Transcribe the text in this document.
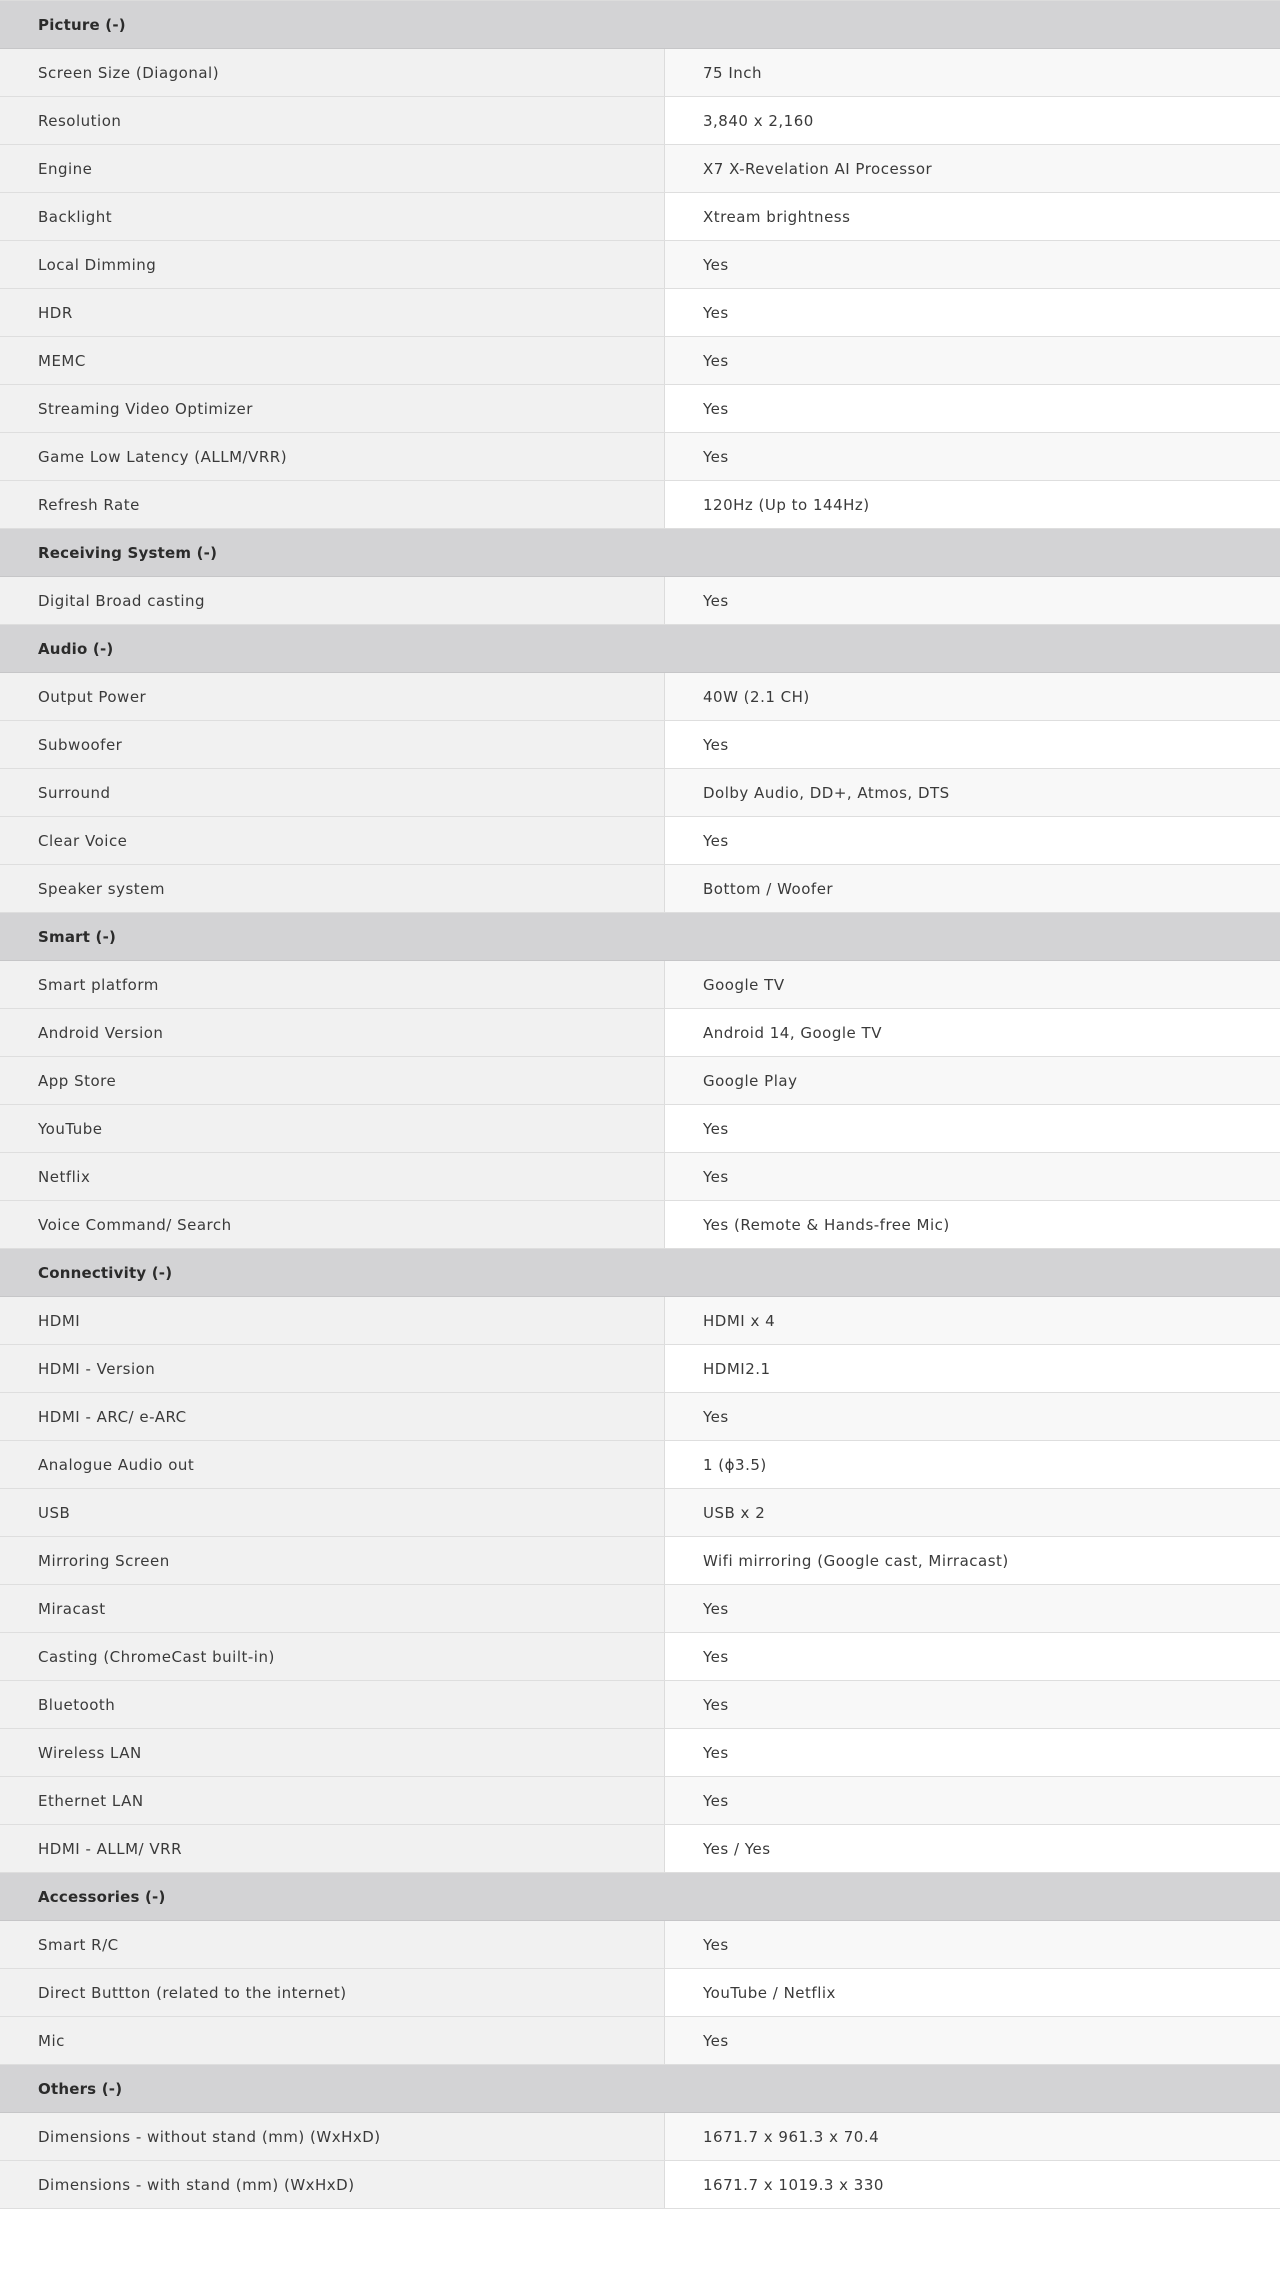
Picture (-)
Screen Size (Diagonal)	75 Inch
Resolution	3,840 x 2,160
Engine	X7 X-Revelation AI Processor
Backlight	Xtream brightness
Local Dimming	Yes
HDR	Yes
MEMC	Yes
Streaming Video Optimizer	Yes
Game Low Latency (ALLM/VRR)	Yes
Refresh Rate	120Hz (Up to 144Hz)
Receiving System (-)
Digital Broad casting	Yes
Audio (-)
Output Power	40W (2.1 CH)
Subwoofer	Yes
Surround	Dolby Audio, DD+, Atmos, DTS
Clear Voice	Yes
Speaker system	Bottom / Woofer
Smart (-)
Smart platform	Google TV
Android Version	Android 14, Google TV
App Store	Google Play
YouTube	Yes
Netflix	Yes
Voice Command/ Search	Yes (Remote & Hands-free Mic)
Connectivity (-)
HDMI	HDMI x 4
HDMI - Version	HDMI2.1
HDMI - ARC/ e-ARC	Yes
Analogue Audio out	1 (ϕ3.5)
USB	USB x 2
Mirroring Screen	Wifi mirroring (Google cast, Mirracast)
Miracast	Yes
Casting (ChromeCast built-in)	Yes
Bluetooth	Yes
Wireless LAN	Yes
Ethernet LAN	Yes
HDMI - ALLM/ VRR	Yes / Yes
Accessories (-)
Smart R/C	Yes
Direct Buttton (related to the internet)	YouTube / Netflix
Mic	Yes
Others (-)
Dimensions - without stand (mm) (WxHxD)	1671.7 x 961.3 x 70.4
Dimensions - with stand (mm) (WxHxD)	1671.7 x 1019.3 x 330
